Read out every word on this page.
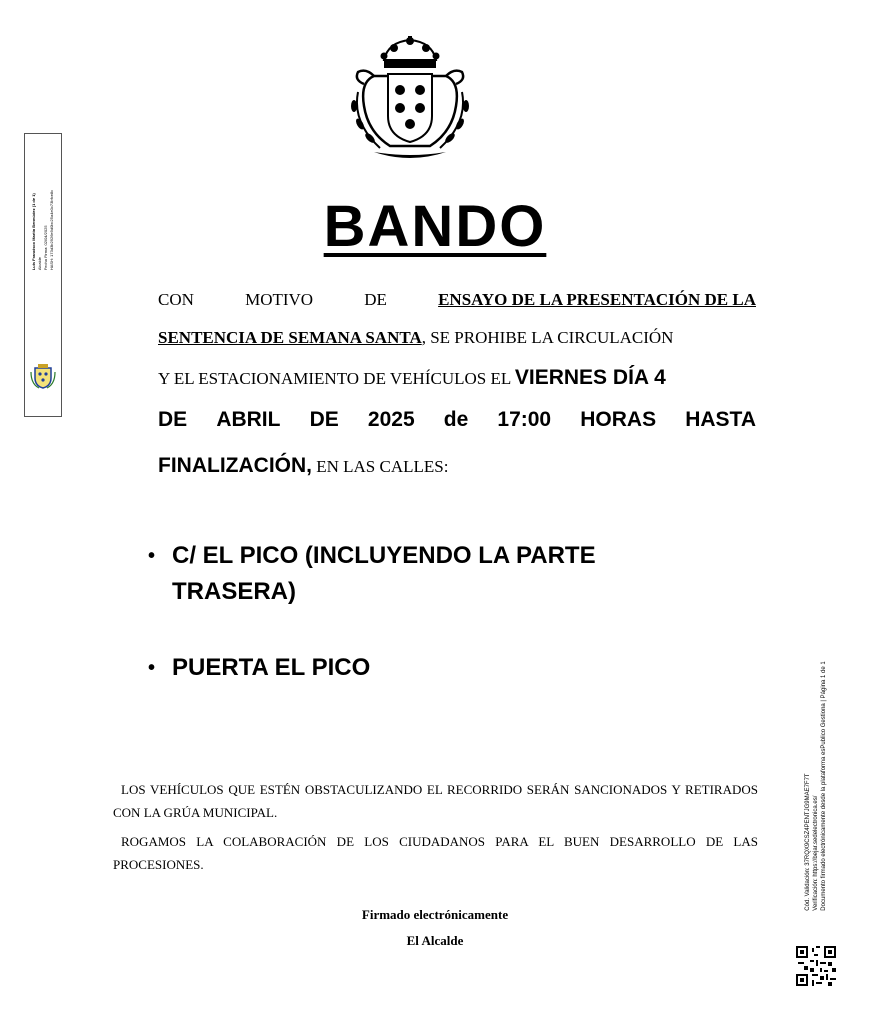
BANDO
CON	MOTIVO	DE	ENSAYO DE LA PRESENTACIÓN DE LA
SENTENCIA DE SEMANA SANTA, SE PROHIBE LA CIRCULACIÓN
Y EL ESTACIONAMIENTO DE VEHÍCULOS EL VIERNES DÍA 4
DE ABRIL DE 2025 de 17:00 HORAS HASTA
FINALIZACIÓN, EN LAS CALLES:
• C/ EL PICO (INCLUYENDO LA PARTE
TRASERA)
• PUERTA EL PICO
LOS VEHÍCULOS QUE ESTÉN OBSTACULIZANDO EL RECORRIDO SERÁN SANCIONADOS Y RETIRADOS CON LA GRÚA MUNICIPAL.
ROGAMOS LA COLABORACIÓN DE LOS CIUDADANOS PARA EL BUEN DESARROLLO DE LAS PROCESIONES.
Firmado electrónicamente
El Alcalde
Luis Francisco Martín Bermúdez (1 de 1) Alcalde Fecha Firma: 02/04/2025 HASH: 173d3b2926e9d0bc25a4e0c73bfce8c
Cód. Validación: 37RQX9CSZ4PENTJG9MAE7F7T Verificación: https://bejar.sedelectronica.es/ Documento firmado electrónicamente desde la plataforma esPublico Gestiona | Página 1 de 1
